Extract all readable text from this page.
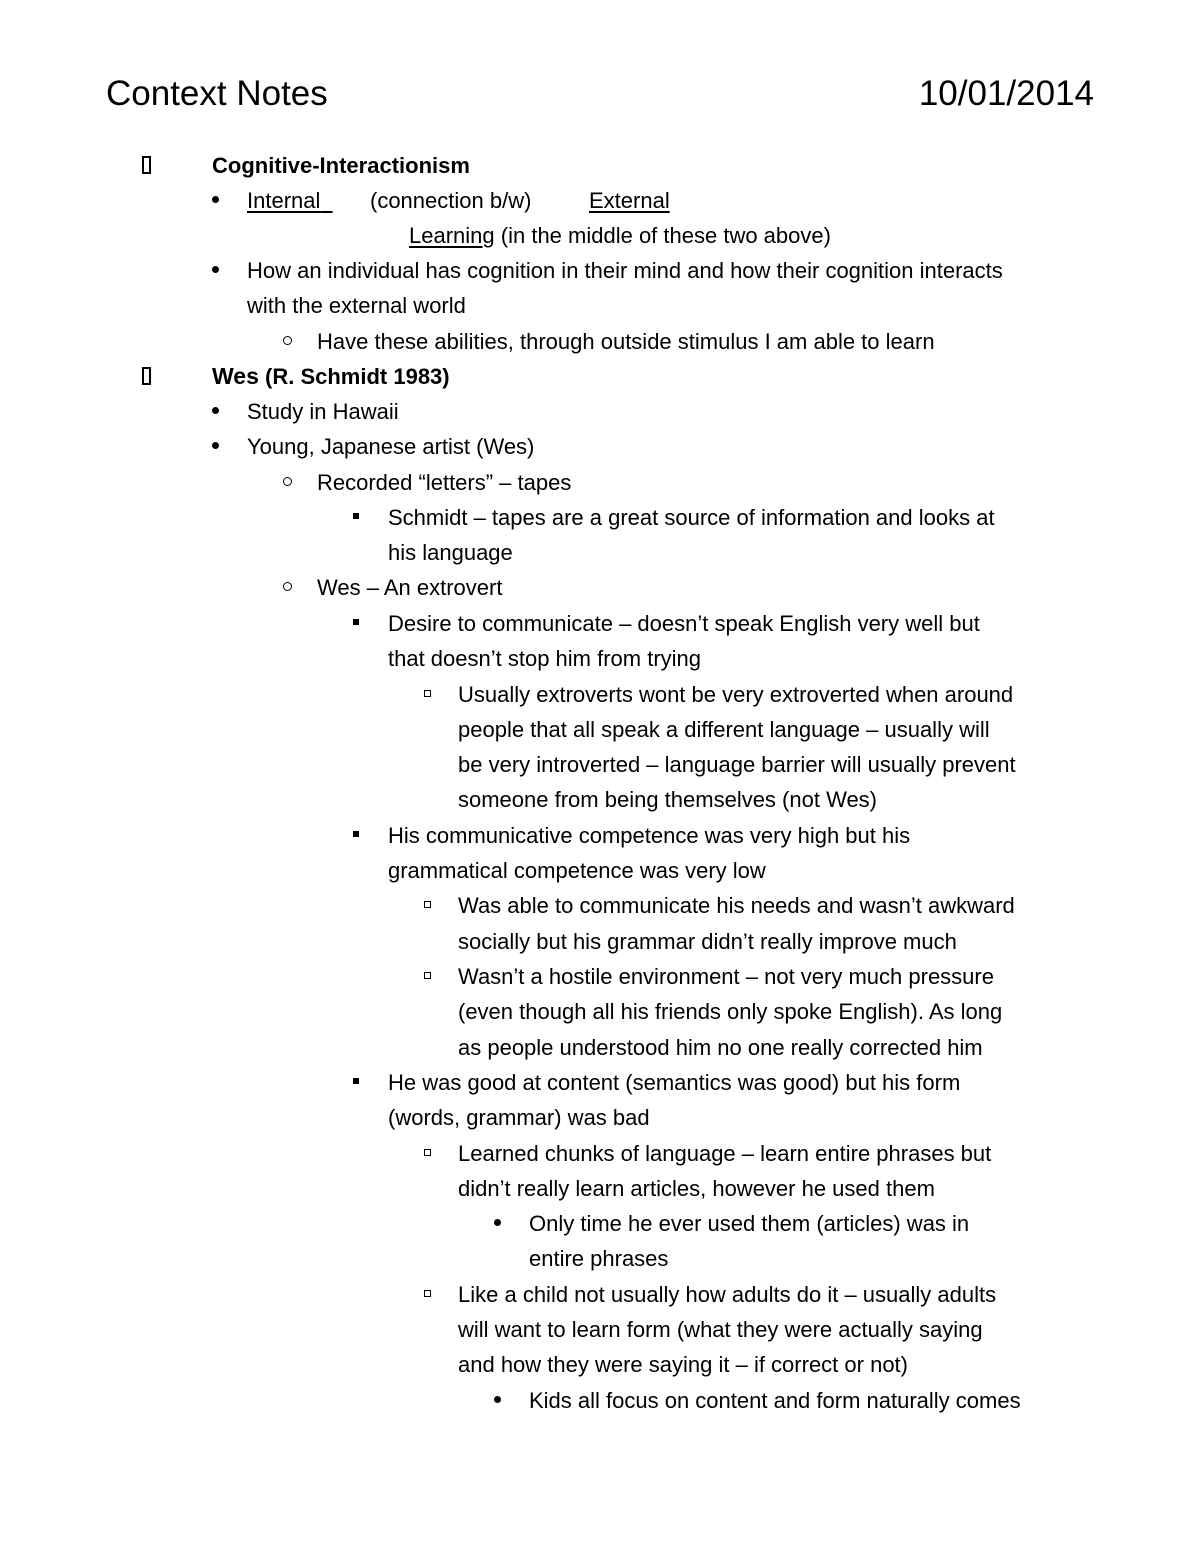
Context Notes	10/01/2014
Cognitive-Interactionism
Internal	(connection b/w)	External
Learning (in the middle of these two above)
How an individual has cognition in their mind and how their cognition interacts
with the external world
Have these abilities, through outside stimulus I am able to learn
Wes (R. Schmidt 1983)
Study in Hawaii
Young, Japanese artist (Wes)
Recorded “letters” – tapes
Schmidt – tapes are a great source of information and looks at
his language
Wes – An extrovert
Desire to communicate – doesn’t speak English very well but
that doesn’t stop him from trying
Usually extroverts wont be very extroverted when around
people that all speak a different language – usually will
be very introverted – language barrier will usually prevent
someone from being themselves (not Wes)
His communicative competence was very high but his
grammatical competence was very low
Was able to communicate his needs and wasn’t awkward
socially but his grammar didn’t really improve much
Wasn’t a hostile environment – not very much pressure
(even though all his friends only spoke English). As long
as people understood him no one really corrected him
He was good at content (semantics was good) but his form
(words, grammar) was bad
Learned chunks of language – learn entire phrases but
didn’t really learn articles, however he used them
Only time he ever used them (articles) was in
entire phrases
Like a child not usually how adults do it – usually adults
will want to learn form (what they were actually saying
and how they were saying it – if correct or not)
Kids all focus on content and form naturally comes
